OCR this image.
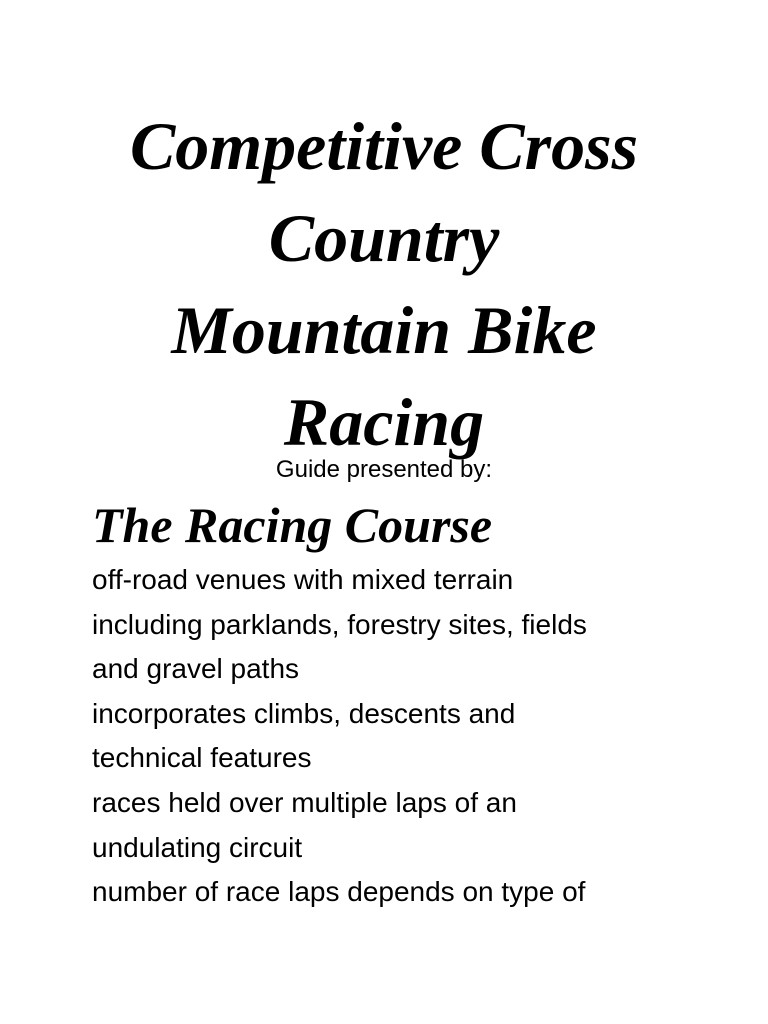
Competitive Cross
Country
Mountain Bike
Racing
Guide presented by:
The Racing Course
off-road venues with mixed terrain
including parklands, forestry sites, fields
and gravel paths
incorporates climbs, descents and
technical features
races held over multiple laps of an
undulating circuit
number of race laps depends on type of
